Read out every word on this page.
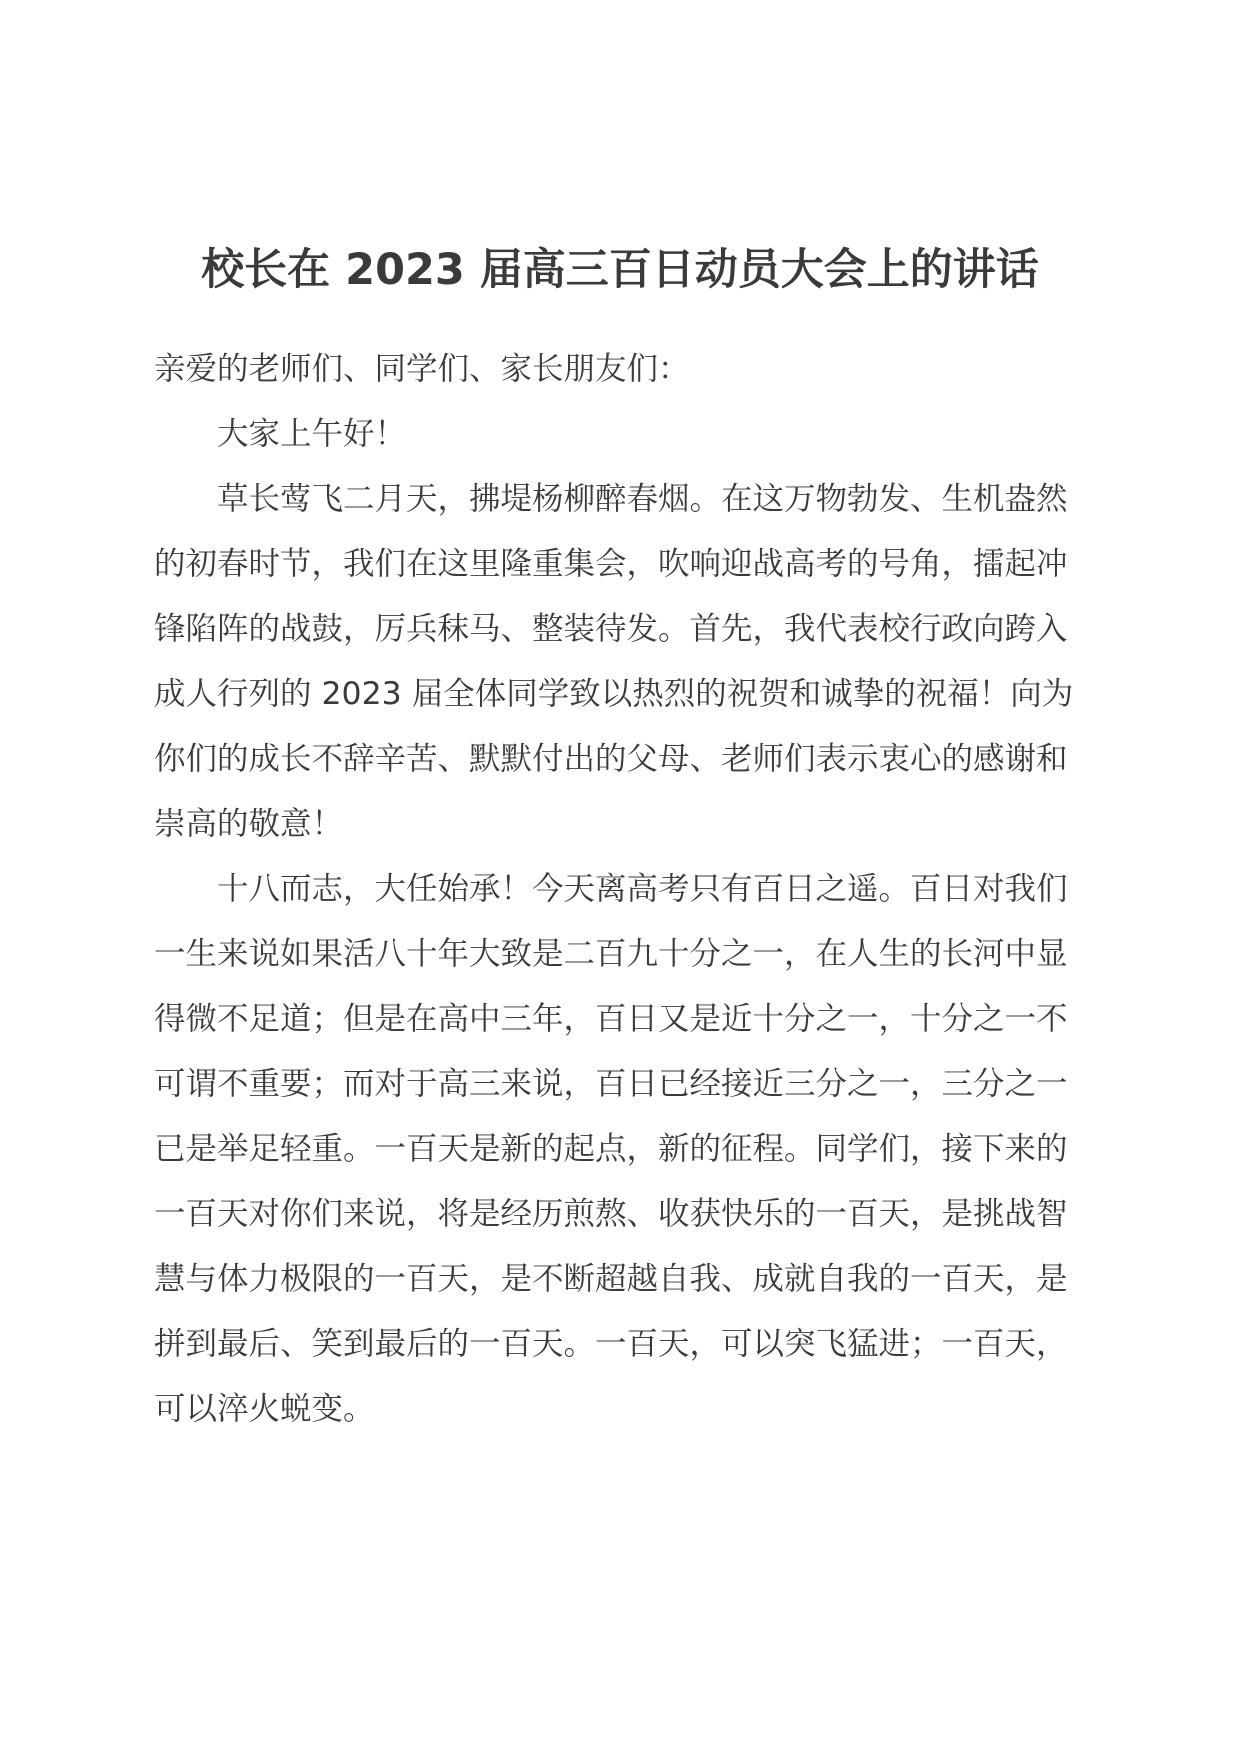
校长在 2023 届高三百日动员大会上的讲话

亲爱的老师们、同学们、家长朋友们：

大家上午好！

草长莺飞二月天，拂堤杨柳醉春烟。在这万物勃发、生机盎然的初春时节，我们在这里隆重集会，吹响迎战高考的号角，擂起冲锋陷阵的战鼓，厉兵秣马、整装待发。首先，我代表校行政向跨入成人行列的 2023 届全体同学致以热烈的祝贺和诚挚的祝福！向为你们的成长不辞辛苦、默默付出的父母、老师们表示衷心的感谢和崇高的敬意！

十八而志，大任始承！今天离高考只有百日之遥。百日对我们一生来说如果活八十年大致是二百九十分之一，在人生的长河中显得微不足道；但是在高中三年，百日又是近十分之一，十分之一不可谓不重要；而对于高三来说，百日已经接近三分之一，三分之一已是举足轻重。一百天是新的起点，新的征程。同学们，接下来的一百天对你们来说，将是经历煎熬、收获快乐的一百天，是挑战智慧与体力极限的一百天，是不断超越自我、成就自我的一百天，是拼到最后、笑到最后的一百天。一百天，可以突飞猛进；一百天，可以淬火蜕变。
